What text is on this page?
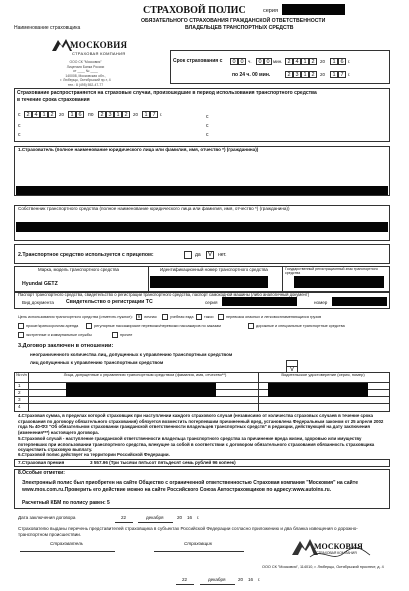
СТРАХОВОЙ ПОЛИС	серия
ОБЯЗАТЕЛЬНОГО СТРАХОВАНИЯ ГРАЖДАНСКОЙ ОТВЕТСТВЕННОСТИ
ВЛАДЕЛЬЦЕВ ТРАНСПОРТНЫХ СРЕДСТВ
Наименование страховщика
МОСКОВИЯ
СТРАХОВАЯ КОМПАНИЯ
ООО СК "Московия"
Лицензия Банка России
от ____ № ____
140008, Московская обл.,
г. Люберцы, Октябрьский пр-т, 4
тел.: 8 (495) 552-47-77
Срок страхования с	0 0 ч.	0 0 мин. 2 4 1 2	20	1 6 г.
по 24 ч. 00 мин.	2 3 1 2	20	1 7 г.
Страхование распространяется на страховые случаи, произошедшие в период использования транспортного средства в течение срока страхования
с	2 4 1 2	20	1 6	по	2 3 1 2	20	1 7 г.
с
с
с
с
с
1.Страхователь (полное наименование юридического лица или фамилия, имя, отчество *) (гражданина))
Собственник транспортного средства (полное наименование юридического лица или фамилия, имя, отчество *) (гражданина))
2.Транспортное средство используется с прицепом:	да	V	нет.
Марка, модель транспортного средства	Идентификационный номер транспортного средства	Государственный регистрационный знак транспортного средства
Hyundai GETZ
Паспорт транспортного средства, свидетельство о регистрации транспортного средства, паспорт самоходной машины (либо аналогичный документ)
Вид документа Свидетельство о регистрации ТС	серия	номер
Цель использования транспортного средства (отметить нужное): V личная	учебная езда	такси	перевозка опасных и легковоспламеняющихся грузов
прокат/краткосрочная аренда	регулярные пассажирские перевозки/перевозки пассажиров по заказам	дорожные и специальные транспортные средства
экстренные и коммунальные службы	прочее
3.Договор заключен в отношении:
неограниченного количества лиц, допущенных к управлению транспортным средством
лиц допущенных к управлению транспортным средством
V
№ п/п	Лица, допущенные к управлению транспортным средством (фамилия, имя, отчество**)	Водительское удостоверение (серия, номер)
1
2
3
4
4.Страховая сумма, в пределах которой страховщик при наступлении каждого страхового случая (независимо от количества страховых случаев в течение срока страхования по договору обязательного страхования) обязуется возместить потерпевшим причиненный вред, установлена Федеральным законом от 25 апреля 2002 года № 40-ФЗ "Об обязательном страховании гражданской ответственности владельцев транспортных средств" в редакции, действующей на дату заключения (изменения***) настоящего договора.
5.Страховой случай - наступление гражданской ответственности владельца транспортного средства за причинение вреда жизни, здоровью или имуществу потерпевших при использовании транспортного средства, влекущее за собой в соответствии с договором обязательного страхования обязанность страховщика осуществить страховую выплату.
6.Страховой полис действует на территории Российской Федерации.
7.Страховая премия	3 557.96 (Три тысячи пятьсот пятьдесят семь рублей 96 копеек)
8.Особые отметки:
Электронный полис был приобретен на сайте Общество с ограниченной ответственностью Страховая компания "Московия" на сайте www.mos.com.ru.Проверить его действие можно на сайте Российского Союза Автостраховщиков по адресу:www.autoins.ru.
Расчетный КБМ по полису равен: 5
Дата заключения договора	22	декабря	20 16 г.
Страхователю выданы перечень представителей страховщика в субъектах Российской Федерации согласно приложению и два бланка извещения о дорожно-транспортном происшествии.
Страхователь	Страховщик	МОСКОВИЯ
СТРАХОВАЯ КОМПАНИЯ
ООО СК "Московия", 114010, г. Люберцы, Октябрьский проспект, д. 4
22	декабря	20 16 г.
